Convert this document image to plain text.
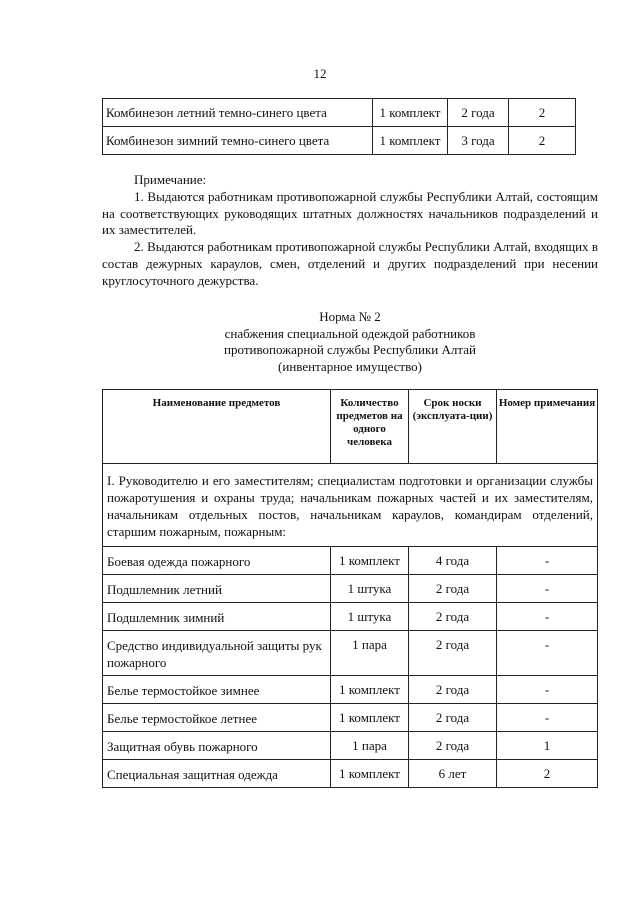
12
Комбинезон летний темно-синего цвета	1 комплект	2 года	2
Комбинезон зимний темно-синего цвета	1 комплект	3 года	2

Примечание:

1. Выдаются работникам противопожарной службы Республики Алтай, состоящим на соответствующих руководящих штатных должностях начальников подразделений и их заместителей.

2. Выдаются работникам противопожарной службы Республики Алтай, входящих в состав дежурных караулов, смен, отделений и других подразделений при несении круглосуточного дежурства.

Норма № 2
снабжения специальной одеждой работников
противопожарной службы Республики Алтай
(инвентарное имущество)
Наименование предметов	Количество предметов на одного человека	Срок носки (эксплуата-ции)	Номер примечания
I. Руководителю и его заместителям; специалистам подготовки и организации службы пожаротушения и охраны труда; начальникам пожарных частей и их заместителям, начальникам отдельных постов, начальникам караулов, командирам отделений, старшим пожарным, пожарным:			
Боевая одежда пожарного	1 комплект	4 года	-
Подшлемник летний	1 штука	2 года	-
Подшлемник зимний	1 штука	2 года	-
Средство индивидуальной защиты рук пожарного	1 пара	2 года	-
Белье термостойкое зимнее	1 комплект	2 года	-
Белье термостойкое летнее	1 комплект	2 года	-
Защитная обувь пожарного	1 пара	2 года	1
Специальная защитная одежда	1 комплект	6 лет	2
